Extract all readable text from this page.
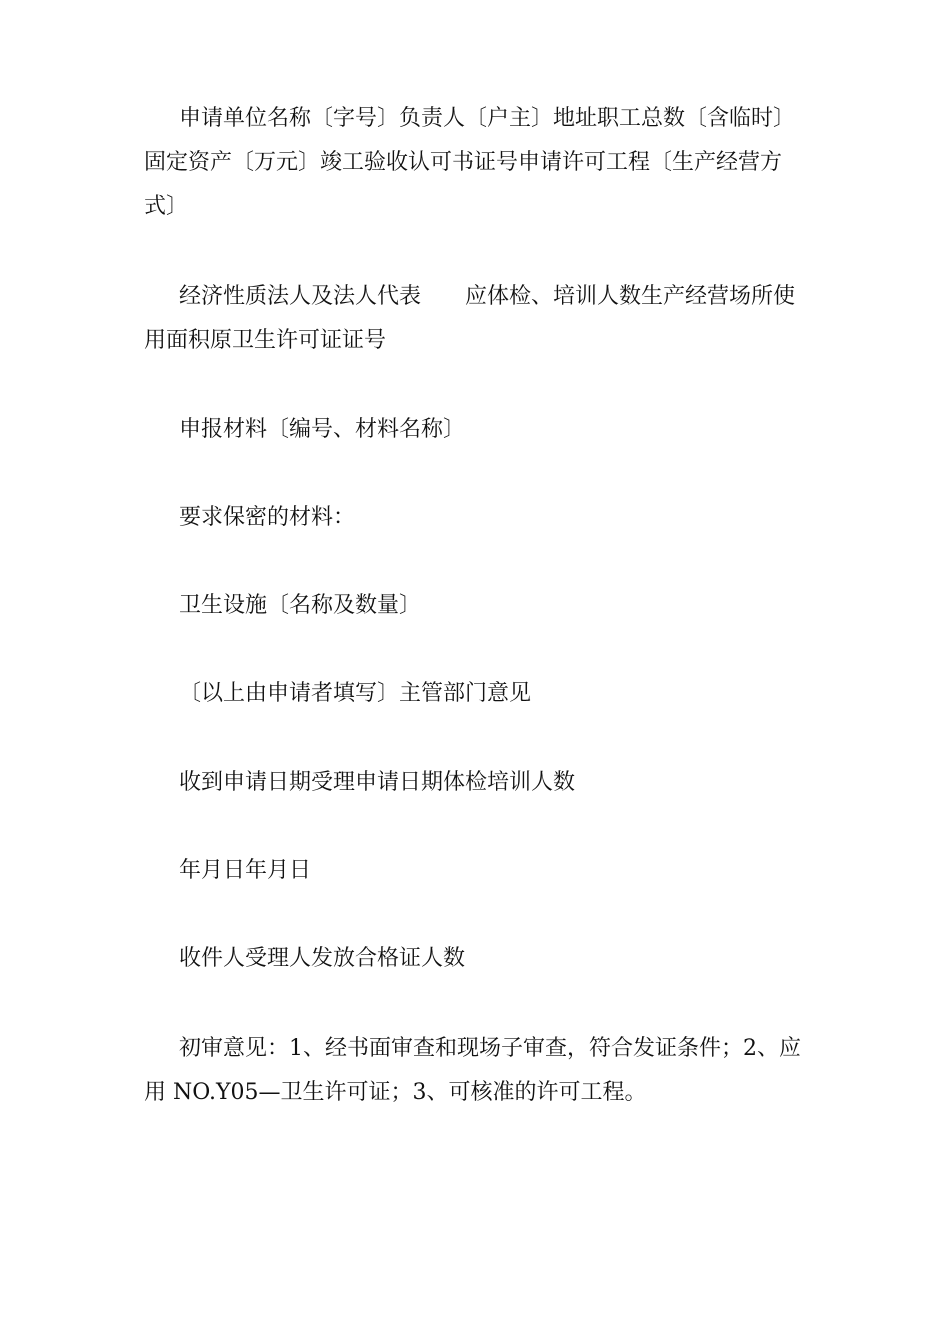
申请单位名称〔字号〕负责人〔户主〕地址职工总数〔含临时〕固定资产〔万元〕竣工验收认可书证号申请许可工程〔生产经营方式〕

经济性质法人及法人代表　　应体检、培训人数生产经营场所使用面积原卫生许可证证号

申报材料〔编号、材料名称〕

要求保密的材料：

卫生设施〔名称及数量〕

〔以上由申请者填写〕主管部门意见

收到申请日期受理申请日期体检培训人数

年月日年月日

收件人受理人发放合格证人数

初审意见：1、经书面审查和现场子审查，符合发证条件；2、应用 NO.Y05—卫生许可证；3、可核准的许可工程。
